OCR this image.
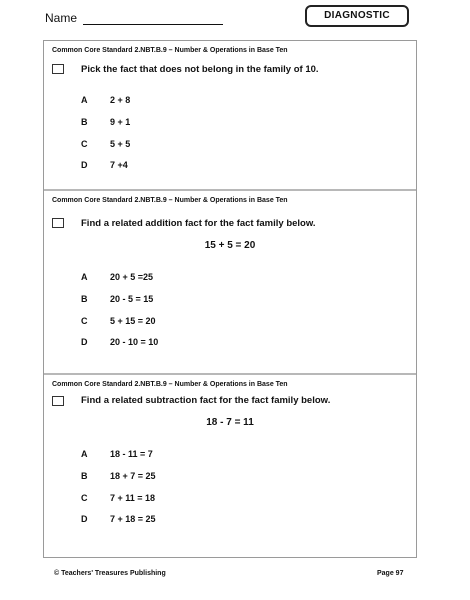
Name	DIAGNOSTIC
Common Core Standard 2.NBT.B.9 – Number & Operations in Base Ten
Pick the fact that does not belong in the family of 10.
A	2 + 8
B	9 + 1
C	5 + 5
D	7 +4
Common Core Standard 2.NBT.B.9 – Number & Operations in Base Ten
Find a related addition fact for the fact family below.
15 + 5 = 20
A	20 + 5 =25
B	20 - 5 = 15
C	5 + 15 = 20
D	20 - 10 = 10
Common Core Standard 2.NBT.B.9 – Number & Operations in Base Ten
Find a related subtraction fact for the fact family below.
18 - 7 = 11
A	18 - 11 = 7
B	18 + 7 = 25
C	7 + 11 = 18
D	7 + 18 = 25
© Teachers' Treasures Publishing	Page 97
